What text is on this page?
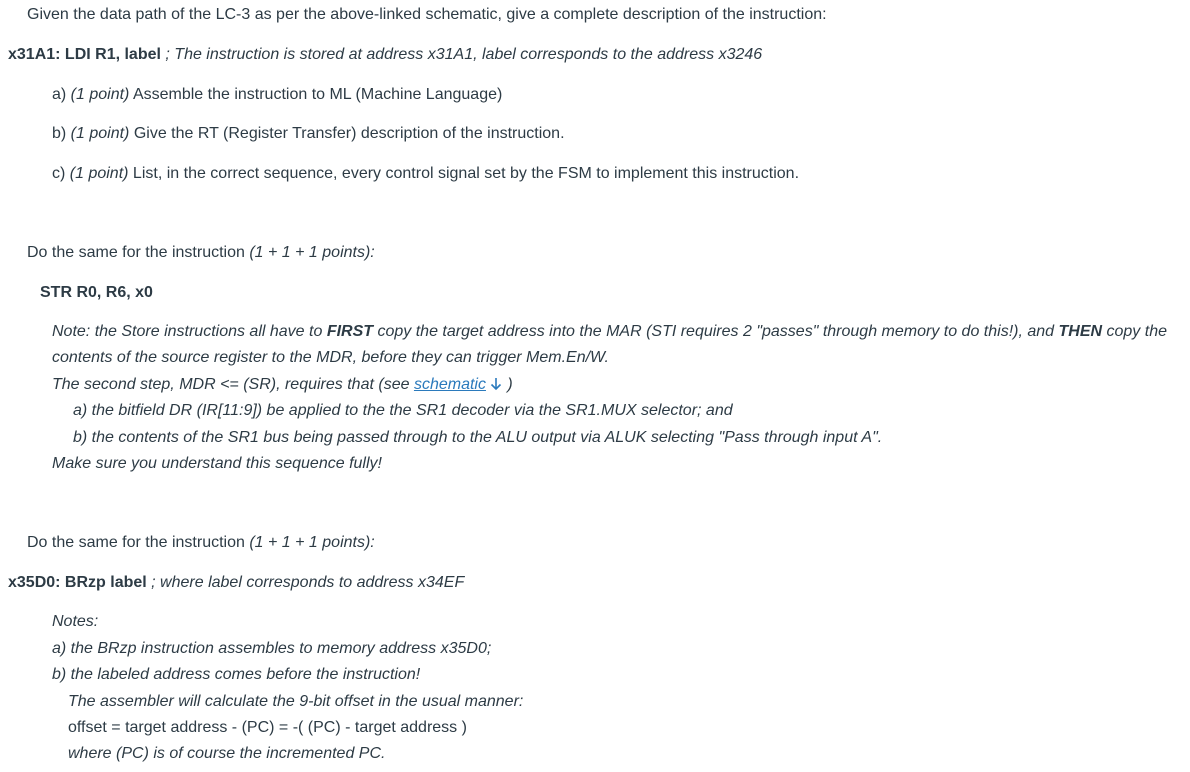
Given the data path of the LC-3 as per the above-linked schematic, give a complete description of the instruction:
x31A1: LDI R1, label ; The instruction is stored at address x31A1, label corresponds to the address x3246
a) (1 point) Assemble the instruction to ML (Machine Language)
b) (1 point) Give the RT (Register Transfer) description of the instruction.
c) (1 point) List, in the correct sequence, every control signal set by the FSM to implement this instruction.
Do the same for the instruction (1 + 1 + 1 points):
STR R0, R6, x0
Note: the Store instructions all have to FIRST copy the target address into the MAR (STI requires 2 "passes" through memory to do this!), and THEN copy the
contents of the source register to the MDR, before they can trigger Mem.En/W.
The second step, MDR <= (SR), requires that (see schematic )
a) the bitfield DR (IR[11:9]) be applied to the the SR1 decoder via the SR1.MUX selector; and
b) the contents of the SR1 bus being passed through to the ALU output via ALUK selecting "Pass through input A".
Make sure you understand this sequence fully!
Do the same for the instruction (1 + 1 + 1 points):
x35D0: BRzp label ; where label corresponds to address x34EF
Notes:
a) the BRzp instruction assembles to memory address x35D0;
b) the labeled address comes before the instruction!
The assembler will calculate the 9-bit offset in the usual manner:
offset = target address - (PC) = -( (PC) - target address )
where (PC) is of course the incremented PC.
